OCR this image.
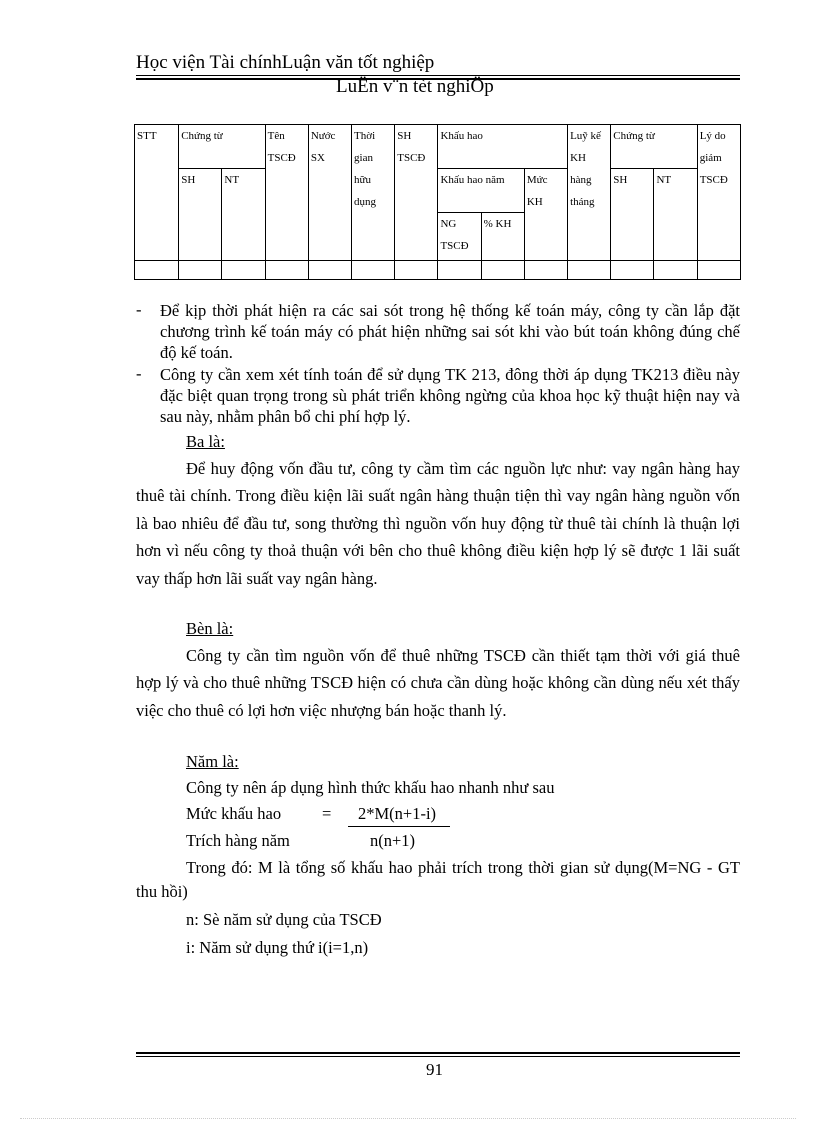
Học viện Tài chínhLuận văn tốt nghiệp
LuËn v¨n tèt nghiÖp
STT	Chứng từ		Tên TSCĐ	Nước SX	Thời gian hữu dụng	SH TSCĐ	Khấu hao			Luỹ kế KH hàng tháng	Chứng từ		Lý do giảm TSCĐ
	SH	NT					Khấu hao năm		Mức KH		SH	NT	
							NG TSCĐ	% KH					

- Để kịp thời phát hiện ra các sai sót trong hệ thống kế toán máy, công ty cần lắp đặt chương trình kế toán máy có phát hiện những sai sót khi vào bút toán không đúng chế độ kế toán.
- Công ty cần xem xét tính toán để sử dụng TK 213, đông thời áp dụng TK213 điều này đặc biệt quan trọng trong sù phát triển không ngừng của khoa học kỹ thuật hiện nay và sau này, nhằm phân bổ chi phí hợp lý.
Ba là:
Để huy động vốn đầu tư, công ty cầm tìm các nguồn lực như: vay ngân hàng hay thuê tài chính. Trong điều kiện lãi suất ngân hàng thuận tiện thì vay ngân hàng nguồn vốn là bao nhiêu để đầu tư, song thường thì nguồn vốn huy động từ thuê tài chính là thuận lợi hơn vì nếu công ty thoả thuận với bên cho thuê không điều kiện hợp lý sẽ được 1 lãi suất vay thấp hơn lãi suất vay ngân hàng.
Bèn là:
Công ty cần tìm nguồn vốn để thuê những TSCĐ cần thiết tạm thời với giá thuê hợp lý và cho thuê những TSCĐ hiện có chưa cần dùng hoặc không cần dùng nếu xét thấy việc cho thuê có lợi hơn việc nhượng bán hoặc thanh lý.
Năm là:
Công ty nên áp dụng hình thức khấu hao nhanh như sau
Mức khấu hao = 2*M(n+1-i)
Trích hàng năm	n(n+1)
Trong đó: M là tổng số khấu hao phải trích trong thời gian sử dụng(M=NG - GT thu hồi)
n: Sè năm sử dụng của TSCĐ
i: Năm sử dụng thứ i(i=1,n)
91
